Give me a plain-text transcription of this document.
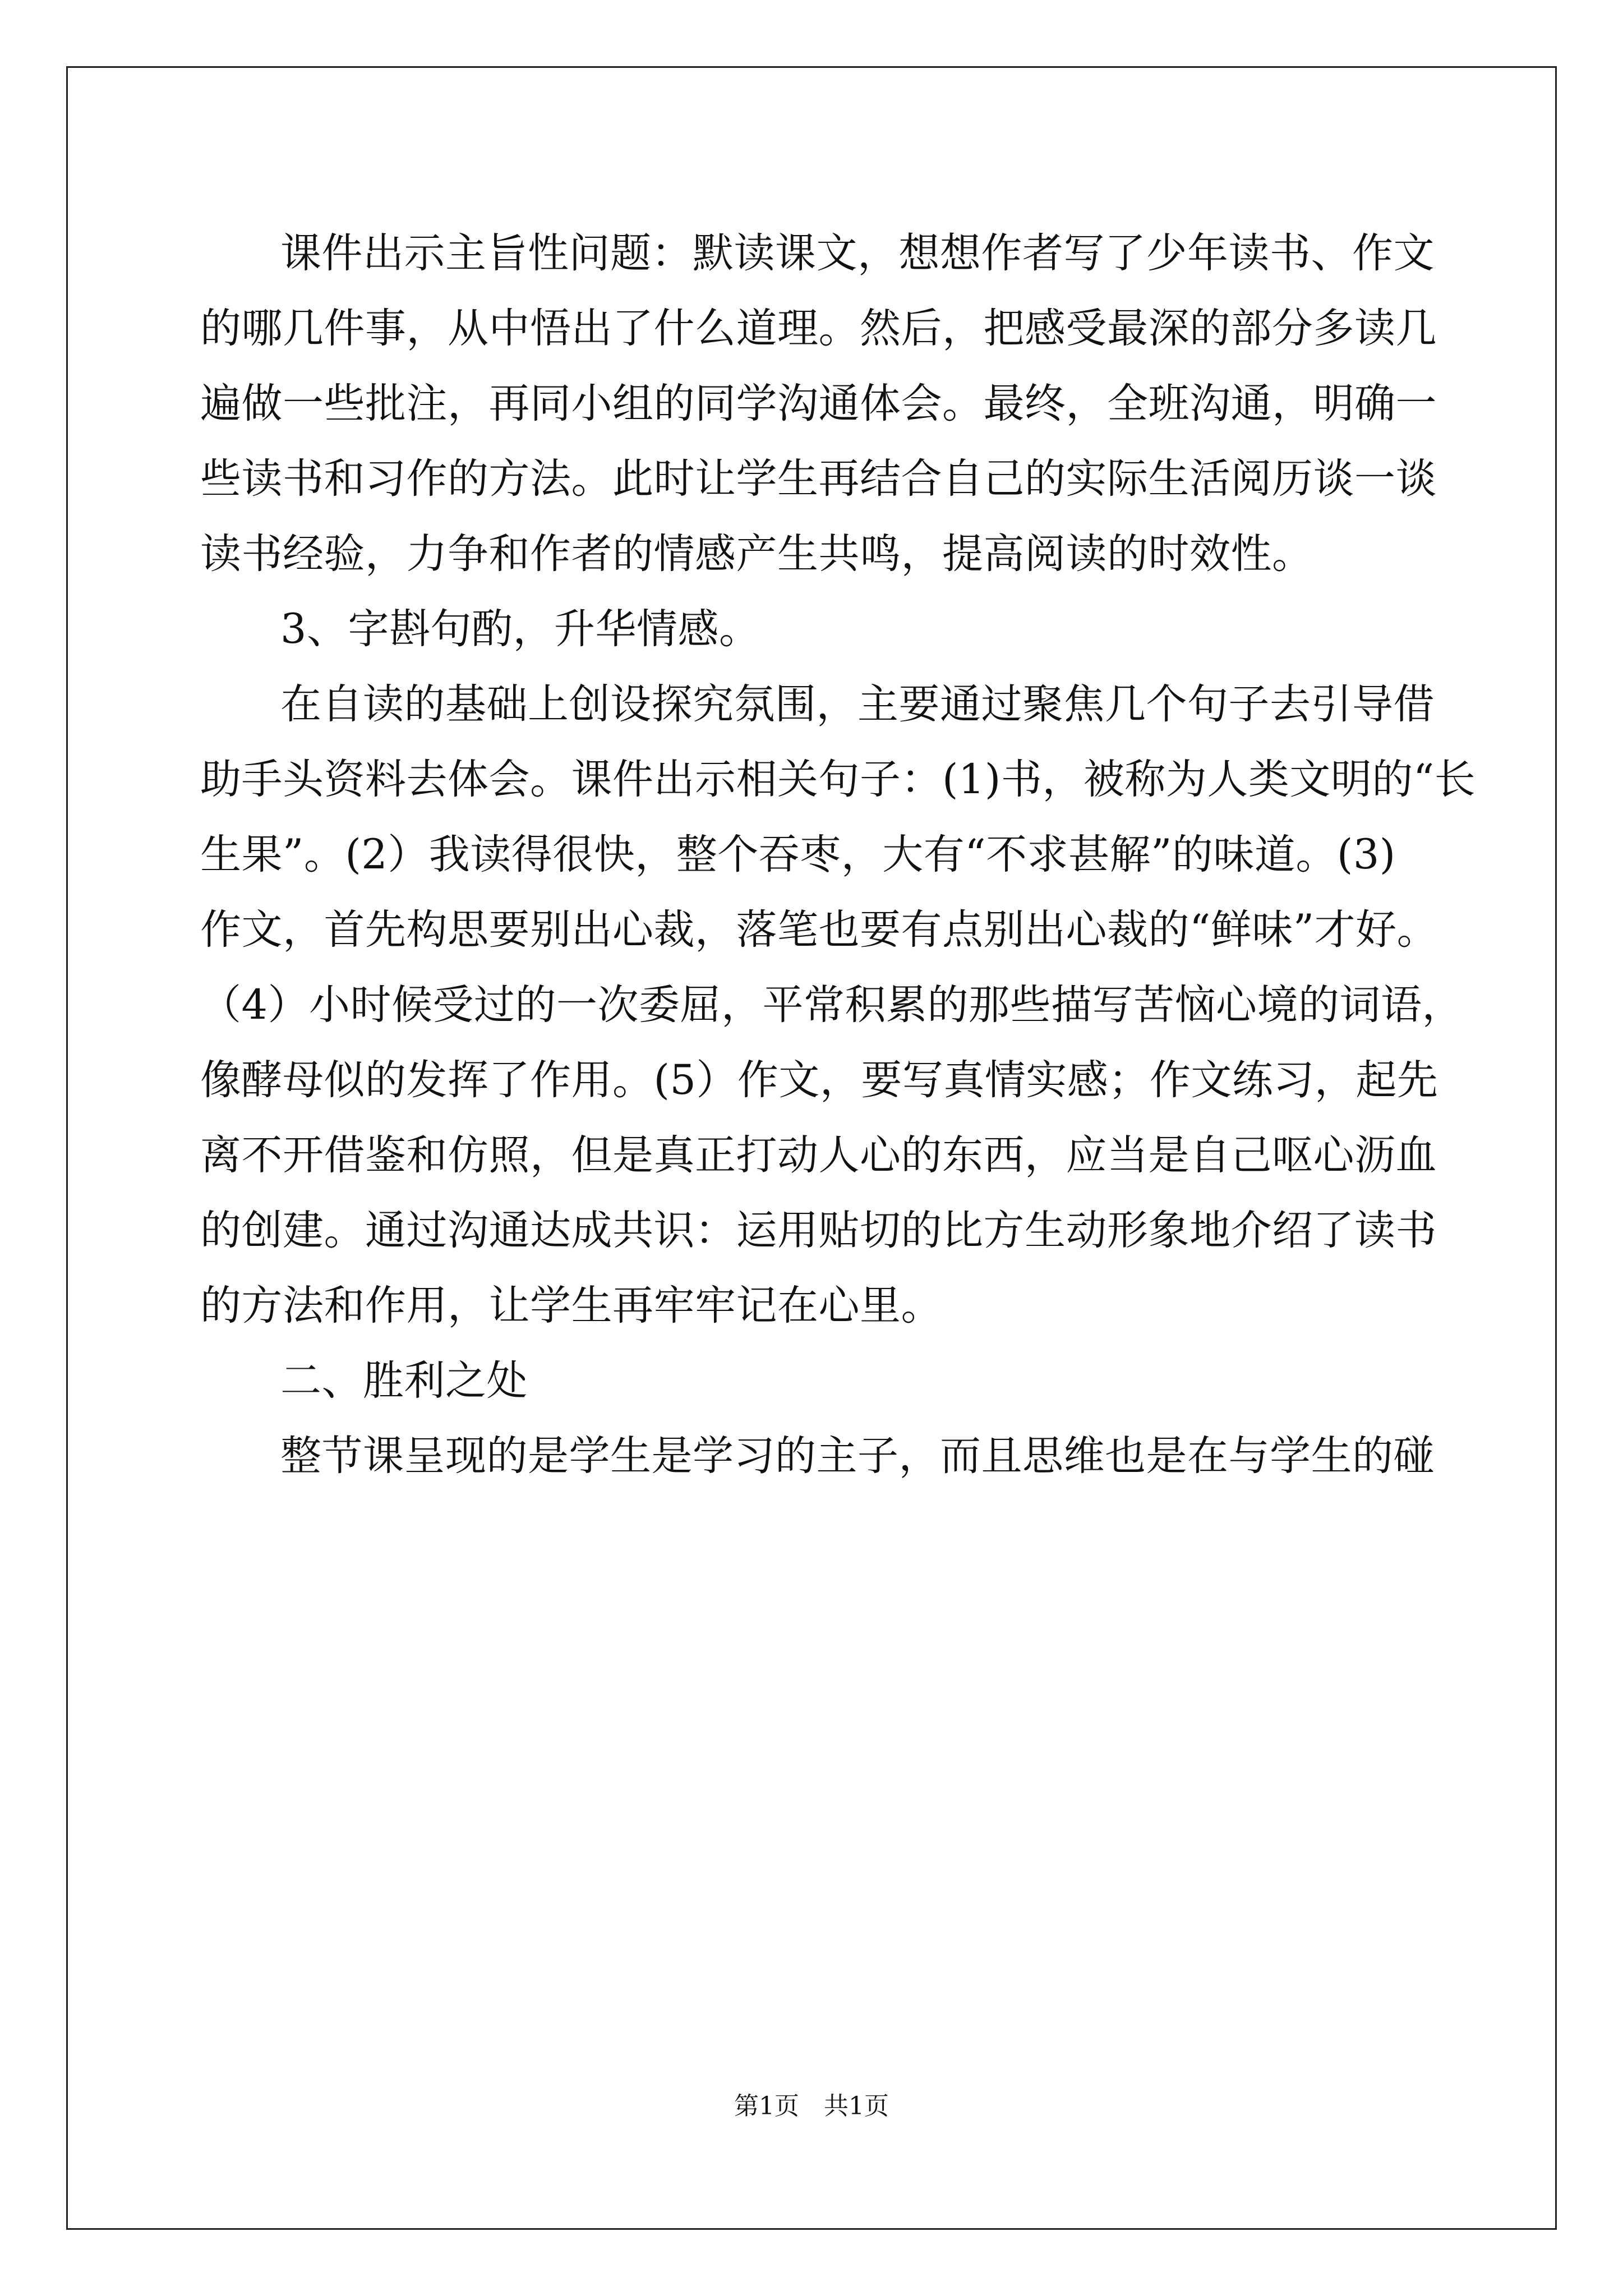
课件出示主旨性问题：默读课文，想想作者写了少年读书、作文
的哪几件事，从中悟出了什么道理。然后，把感受最深的部分多读几
遍做一些批注，再同小组的同学沟通体会。最终，全班沟通，明确一
些读书和习作的方法。此时让学生再结合自己的实际生活阅历谈一谈
读书经验，力争和作者的情感产生共鸣，提高阅读的时效性。
3、字斟句酌，升华情感。
在自读的基础上创设探究氛围，主要通过聚焦几个句子去引导借
助手头资料去体会。课件出示相关句子：(1)书，被称为人类文明的“长
生果”。(2）我读得很快，整个吞枣，大有“不求甚解”的味道。(3)
作文，首先构思要别出心裁，落笔也要有点别出心裁的“鲜味”才好。
（4）小时候受过的一次委屈，平常积累的那些描写苦恼心境的词语，
像酵母似的发挥了作用。(5）作文，要写真情实感；作文练习，起先
离不开借鉴和仿照，但是真正打动人心的东西，应当是自己呕心沥血
的创建。通过沟通达成共识：运用贴切的比方生动形象地介绍了读书
的方法和作用，让学生再牢牢记在心里。
二、胜利之处
整节课呈现的是学生是学习的主子，而且思维也是在与学生的碰
第1页　共1页
